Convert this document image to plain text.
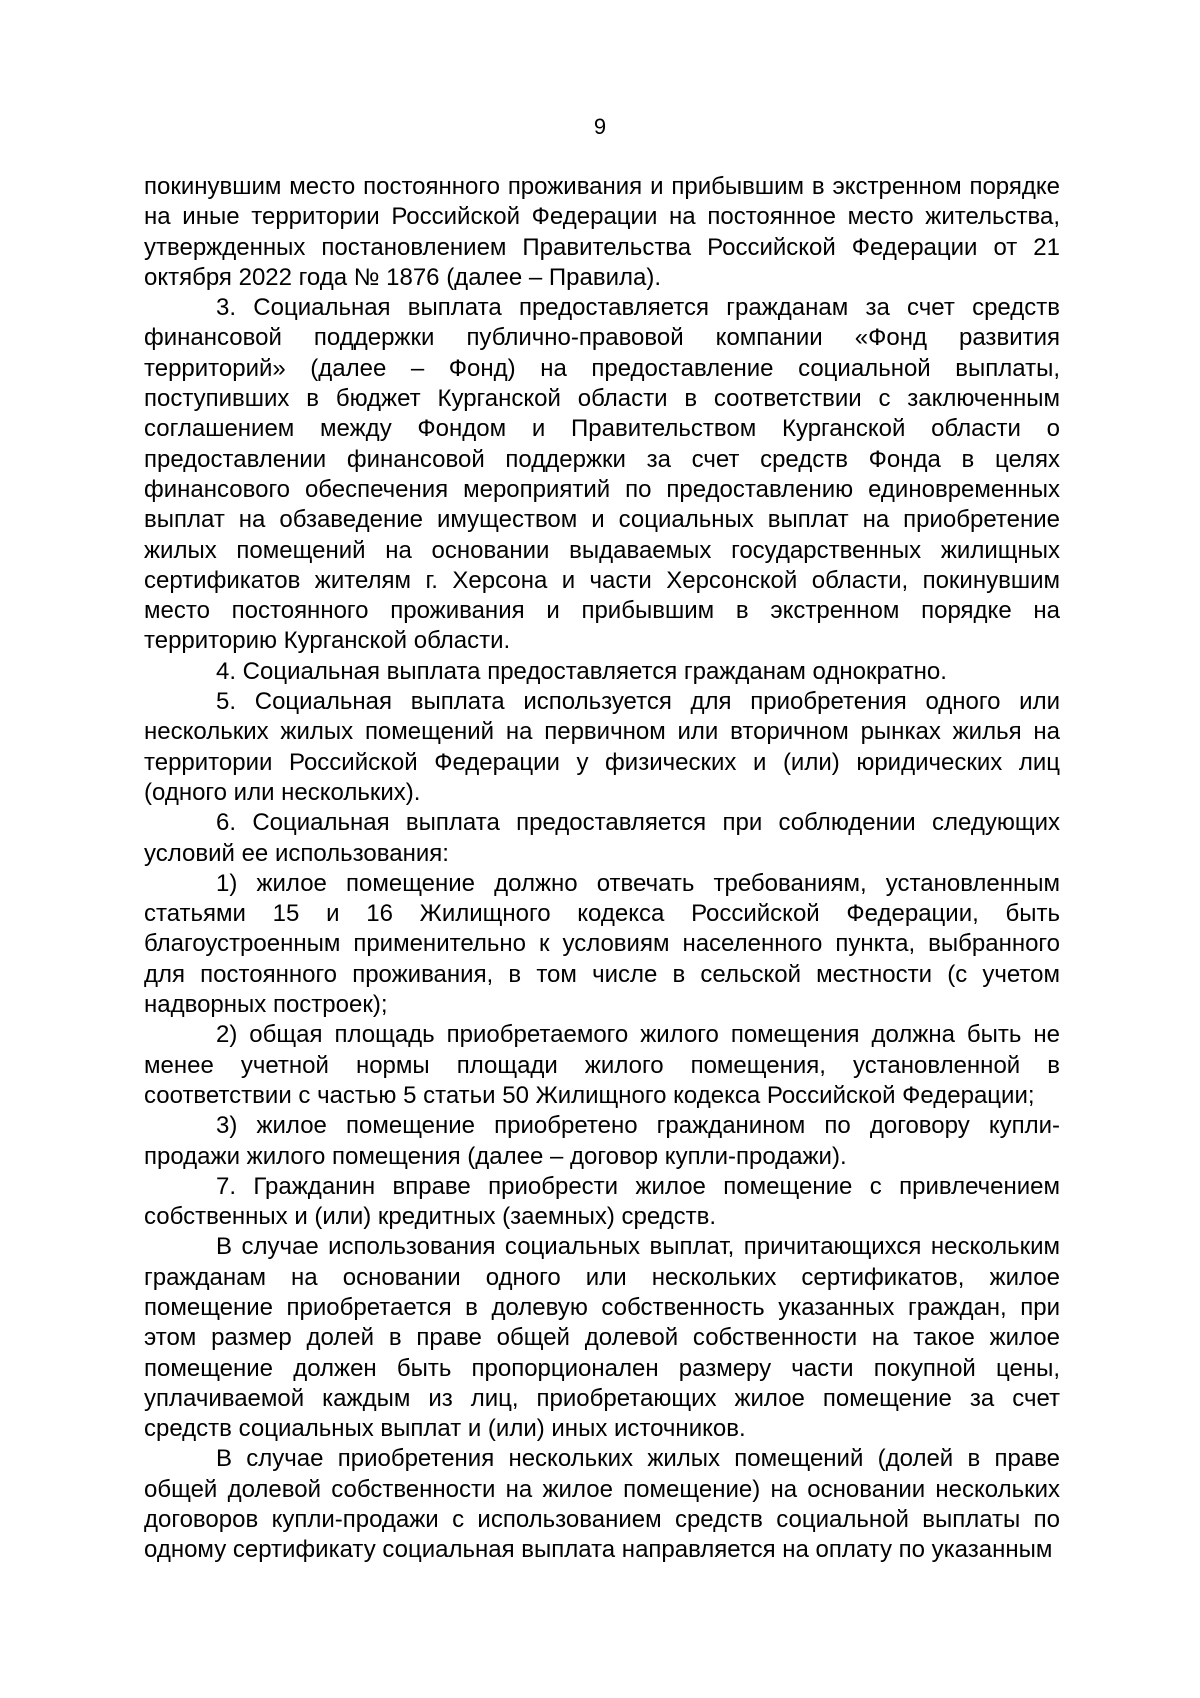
9

покинувшим место постоянного проживания и прибывшим в экстренном порядке на иные территории Российской Федерации на постоянное место жительства, утвержденных постановлением Правительства Российской Федерации от 21 октября 2022 года № 1876 (далее – Правила).

3. Социальная выплата предоставляется гражданам за счет средств финансовой поддержки публично-правовой компании «Фонд развития территорий» (далее – Фонд) на предоставление социальной выплаты, поступивших в бюджет Курганской области в соответствии с заключенным соглашением между Фондом и Правительством Курганской области о предоставлении финансовой поддержки за счет средств Фонда в целях финансового обеспечения мероприятий по предоставлению единовременных выплат на обзаведение имуществом и социальных выплат на приобретение жилых помещений на основании выдаваемых государственных жилищных сертификатов жителям г. Херсона и части Херсонской области, покинувшим место постоянного проживания и прибывшим в экстренном порядке на территорию Курганской области.

4. Социальная выплата предоставляется гражданам однократно.

5. Социальная выплата используется для приобретения одного или нескольких жилых помещений на первичном или вторичном рынках жилья на территории Российской Федерации у физических и (или) юридических лиц (одного или нескольких).

6. Социальная выплата предоставляется при соблюдении следующих условий ее использования:

1) жилое помещение должно отвечать требованиям, установленным статьями 15 и 16 Жилищного кодекса Российской Федерации, быть благоустроенным применительно к условиям населенного пункта, выбранного для постоянного проживания, в том числе в сельской местности (с учетом надворных построек);

2) общая площадь приобретаемого жилого помещения должна быть не менее учетной нормы площади жилого помещения, установленной в соответствии с частью 5 статьи 50 Жилищного кодекса Российской Федерации;

3) жилое помещение приобретено гражданином по договору купли-продажи жилого помещения (далее – договор купли-продажи).

7. Гражданин вправе приобрести жилое помещение с привлечением собственных и (или) кредитных (заемных) средств.

В случае использования социальных выплат, причитающихся нескольким гражданам на основании одного или нескольких сертификатов, жилое помещение приобретается в долевую собственность указанных граждан, при этом размер долей в праве общей долевой собственности на такое жилое помещение должен быть пропорционален размеру части покупной цены, уплачиваемой каждым из лиц, приобретающих жилое помещение за счет средств социальных выплат и (или) иных источников.

В случае приобретения нескольких жилых помещений (долей в праве общей долевой собственности на жилое помещение) на основании нескольких договоров купли-продажи с использованием средств социальной выплаты по одному сертификату социальная выплата направляется на оплату по указанным
